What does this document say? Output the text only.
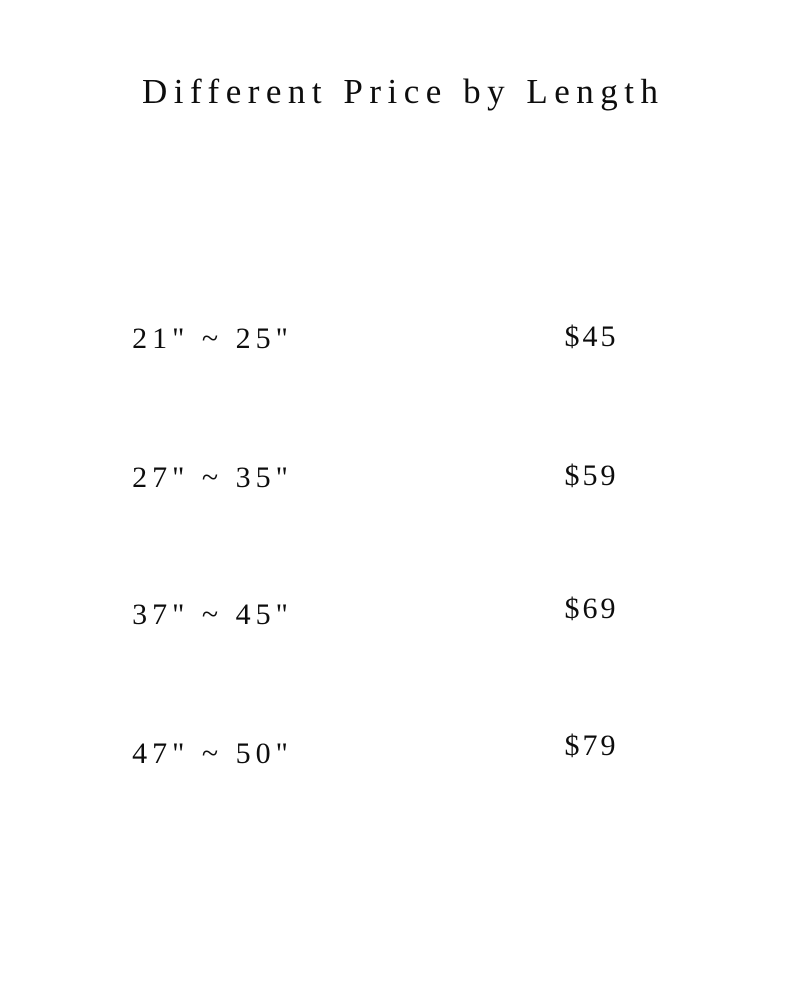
Different Price by Length
21" ~ 25"	$45
27" ~ 35"	$59
37" ~ 45"	$69
47" ~ 50"	$79
